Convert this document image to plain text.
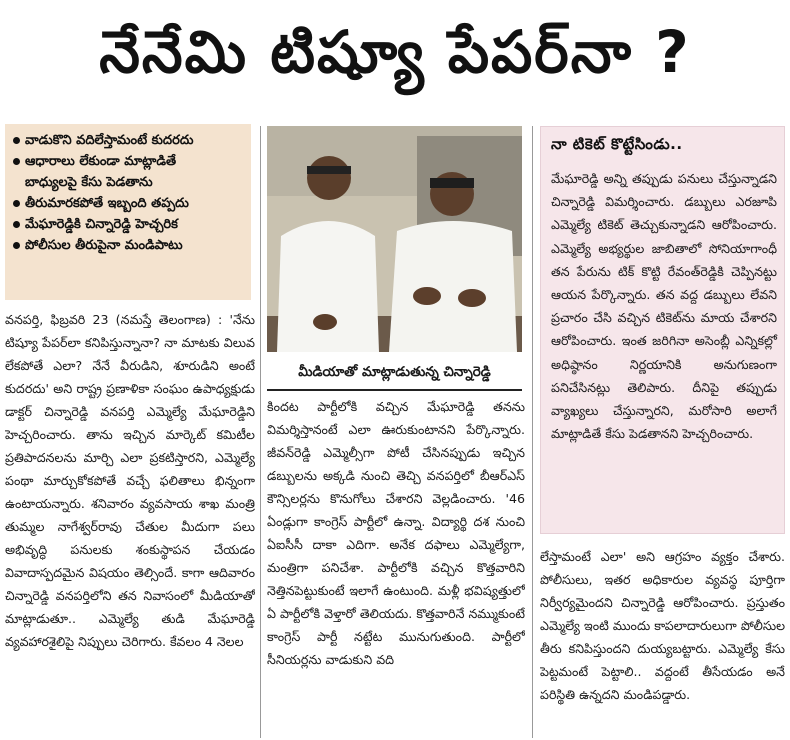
నేనేమి టిష్యూ పేపర్‌నా ?
వాడుకొని వదిలేస్తామంటే కుదరదు
ఆధారాలు లేకుండా మాట్లాడితే
బాధ్యులపై కేసు పెడతాను
తీరుమారకపోతే ఇబ్బంది తప్పదు
మేఘారెడ్డికి చిన్నారెడ్డి హెచ్చరిక
పోలీసుల తీరుపైనా మండిపాటు

వనపర్తి, ఫిబ్రవరి 23 (నమస్తే తెలంగాణ) : 'నేను టిష్యూ పేపర్‌లా కనిపిస్తున్నానా? నా మాటకు విలువ లేకపోతే ఎలా? నేనే వీరుడిని, శూరుడిని అంటే కుదరదు' అని రాష్ట్ర ప్రణాళికా సంఘం ఉపాధ్యక్షుడు డాక్టర్ చిన్నారెడ్డి వనపర్తి ఎమ్మెల్యే మేఘారెడ్డిని హెచ్చరించారు. తాను ఇచ్చిన మార్కెట్ కమిటీల ప్రతిపాదనలను మార్చి ఎలా ప్రకటిస్తారని, ఎమ్మెల్యే పంథా మార్చుకోకపోతే వచ్చే ఫలితాలు భిన్నంగా ఉంటాయన్నారు. శనివారం వ్యవసాయ శాఖ మంత్రి తుమ్మల నాగేశ్వర్‌రావు చేతుల మీదుగా పలు అభివృద్ధి పనులకు శంకుస్థాపన చేయడం వివాదాస్పదమైన విషయం తెల్సిందే. కాగా ఆదివారం చిన్నారెడ్డి వనపర్తిలోని తన నివాసంలో మీడియాతో మాట్లాడుతూ.. ఎమ్మెల్యే తుడి మేఘారెడ్డి వ్యవహారశైలిపై నిప్పులు చెరిగారు. కేవలం 4 నెలల

మీడియాతో మాట్లాడుతున్న చిన్నారెడ్డి

కిందట పార్టీలోకి వచ్చిన మేఘారెడ్డి తనను విమర్శిస్తానంటే ఎలా ఊరుకుంటానని పేర్కొన్నారు. జీవన్‌రెడ్డి ఎమ్మెల్సీగా పోటీ చేసినప్పుడు ఇచ్చిన డబ్బులను అక్కడి నుంచి తెచ్చి వనపర్తిలో బీఆర్‌ఎస్ కౌన్సిలర్లను కొనుగోలు చేశారని వెల్లడించారు. '46 ఏండ్లుగా కాంగ్రెస్ పార్టీలో ఉన్నా. విద్యార్థి దశ నుంచి ఏఐసీసీ దాకా ఎదిగా. అనేక దఫాలు ఎమ్మెల్యేగా, మంత్రిగా పనిచేశా. పార్టీలోకి వచ్చిన కొత్తవారిని నెత్తినపెట్టుకుంటే ఇలాగే ఉంటుంది. మళ్లీ భవిష్యత్తులో ఏ పార్టీలోకి వెళ్తారో తెలియదు. కొత్తవారినే నమ్ముకుంటే కాంగ్రెస్ పార్టీ నట్టేట మునుగుతుంది. పార్టీలో సీనియర్లను వాడుకుని వది

నా టికెట్ కొట్టేసిండు..
మేఘారెడ్డి అన్ని తప్పుడు పనులు చేస్తున్నాడని చిన్నారెడ్డి విమర్శించారు. డబ్బులు ఎరజూపి ఎమ్మెల్యే టికెట్ తెచ్చుకున్నాడని ఆరోపించారు. ఎమ్మెల్యే అభ్యర్థుల జాబితాలో సోనియాగాంధీ తన పేరును టిక్ కొట్టి రేవంత్‌రెడ్డికి చెప్పినట్టు ఆయన పేర్కొన్నారు. తన వద్ద డబ్బులు లేవని ప్రచారం చేసి వచ్చిన టికెట్‌ను మాయ చేశారని ఆరోపించారు. ఇంత జరిగినా అసెంబ్లీ ఎన్నికల్లో అధిష్ఠానం నిర్ణయానికి అనుగుణంగా పనిచేసినట్లు తెలిపారు. దీనిపై తప్పుడు వ్యాఖ్యలు చేస్తున్నారని, మరోసారి అలాగే మాట్లాడితే కేసు పెడతానని హెచ్చరించారు.

లేస్తామంటే ఎలా' అని ఆగ్రహం వ్యక్తం చేశారు. పోలీసులు, ఇతర అధికారుల వ్యవస్థ పూర్తిగా నిర్వీర్యమైందని చిన్నారెడ్డి ఆరోపించారు. ప్రస్తుతం ఎమ్మెల్యే ఇంటి ముందు కాపలాదారులుగా పోలీసుల తీరు కనిపిస్తుందని దుయ్యబట్టారు. ఎమ్మెల్యే కేసు పెట్టమంటే పెట్టాలి.. వద్దంటే తీసేయడం అనే పరిస్థితి ఉన్నదని మండిపడ్డారు.
